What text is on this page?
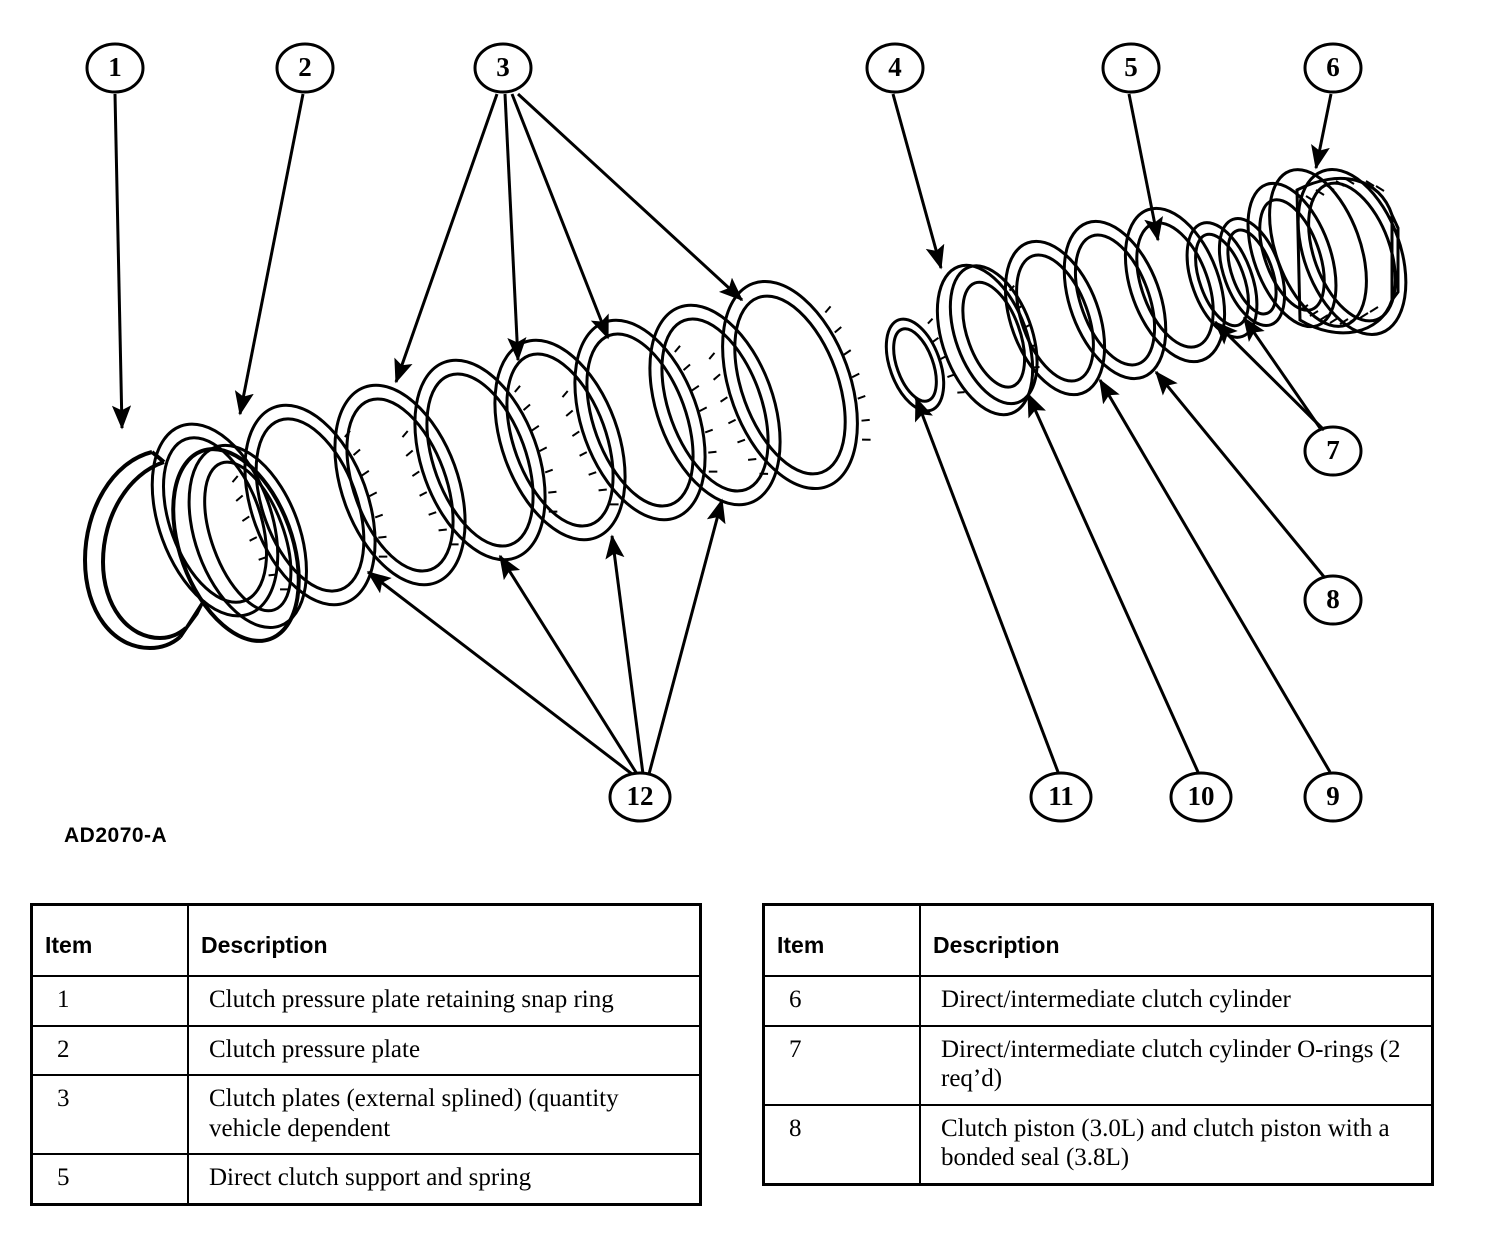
1	2	3	4	5	6
7
8
9
10
11
12
AD2070-A
Item	Description
1	Clutch pressure plate retaining snap ring
2	Clutch pressure plate
3	Clutch plates (external splined) (quantity vehicle dependent
5	Direct clutch support and spring
Item	Description
6	Direct/intermediate clutch cylinder
7	Direct/intermediate clutch cylinder O-rings (2 req’d)
8	Clutch piston (3.0L) and clutch piston with a bonded seal (3.8L)
